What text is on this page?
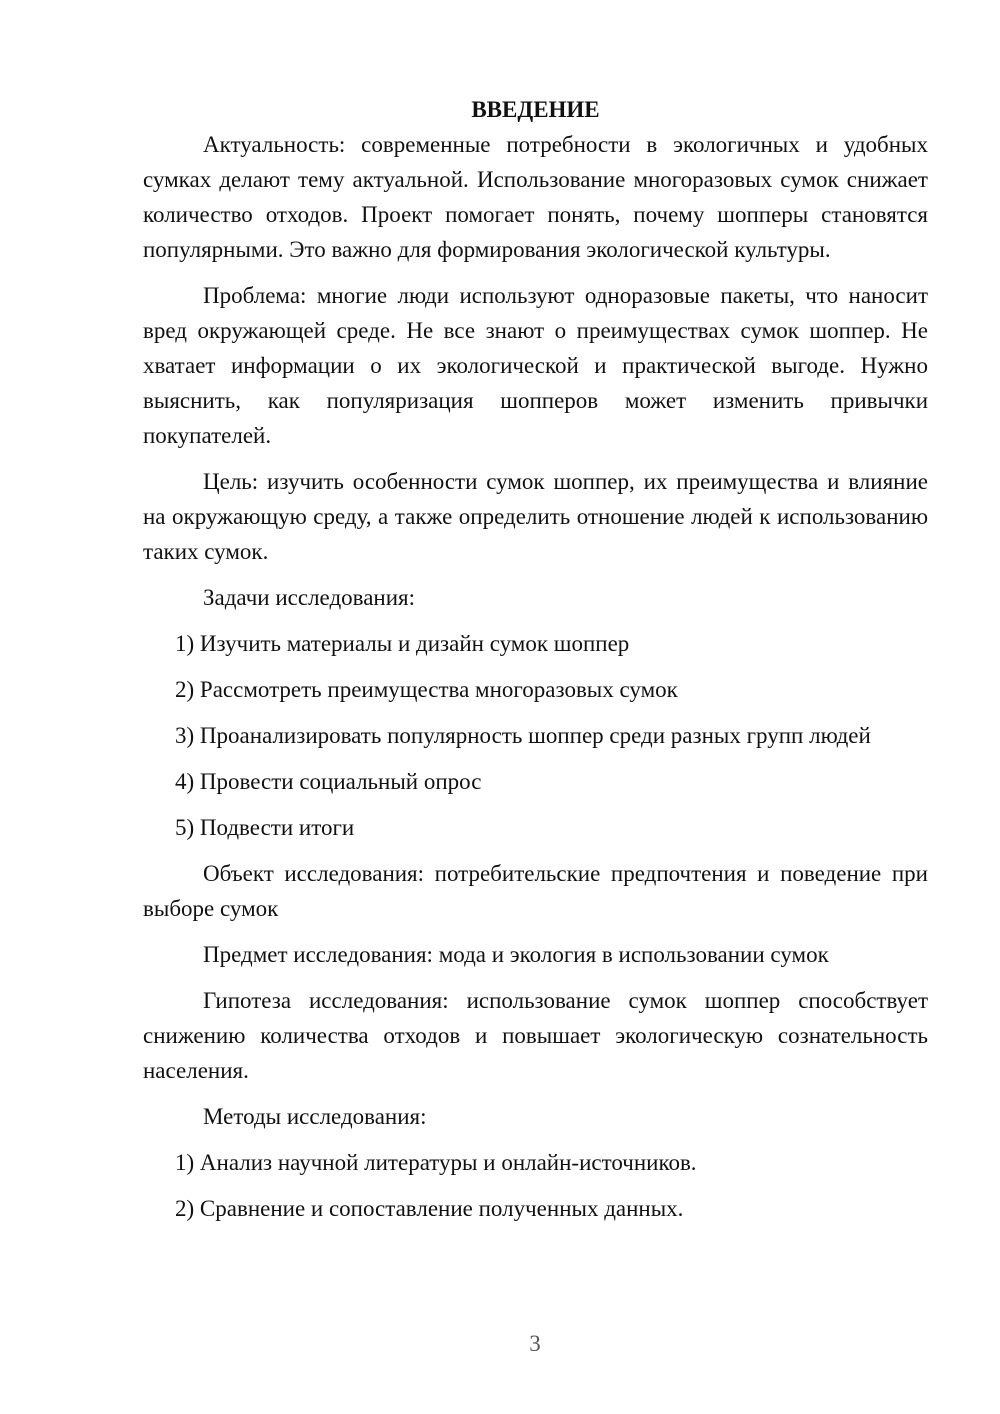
ВВЕДЕНИЕ

Актуальность: современные потребности в экологичных и удобных сумках делают тему актуальной. Использование многоразовых сумок снижает количество отходов. Проект помогает понять, почему шопперы становятся популярными. Это важно для формирования экологической культуры.

Проблема: многие люди используют одноразовые пакеты, что наносит вред окружающей среде. Не все знают о преимуществах сумок шоппер. Не хватает информации о их экологической и практической выгоде. Нужно выяснить, как популяризация шопперов может изменить привычки покупателей.

Цель: изучить особенности сумок шоппер, их преимущества и влияние на окружающую среду, а также определить отношение людей к использованию таких сумок.

Задачи исследования:

1) Изучить материалы и дизайн сумок шоппер

2) Рассмотреть преимущества многоразовых сумок

3) Проанализировать популярность шоппер среди разных групп людей

4) Провести социальный опрос

5) Подвести итоги

Объект исследования: потребительские предпочтения и поведение при выборе сумок

Предмет исследования: мода и экология в использовании сумок

Гипотеза исследования: использование сумок шоппер способствует снижению количества отходов и повышает экологическую сознательность населения.

Методы исследования:

1) Анализ научной литературы и онлайн-источников.

2) Сравнение и сопоставление полученных данных.

3
